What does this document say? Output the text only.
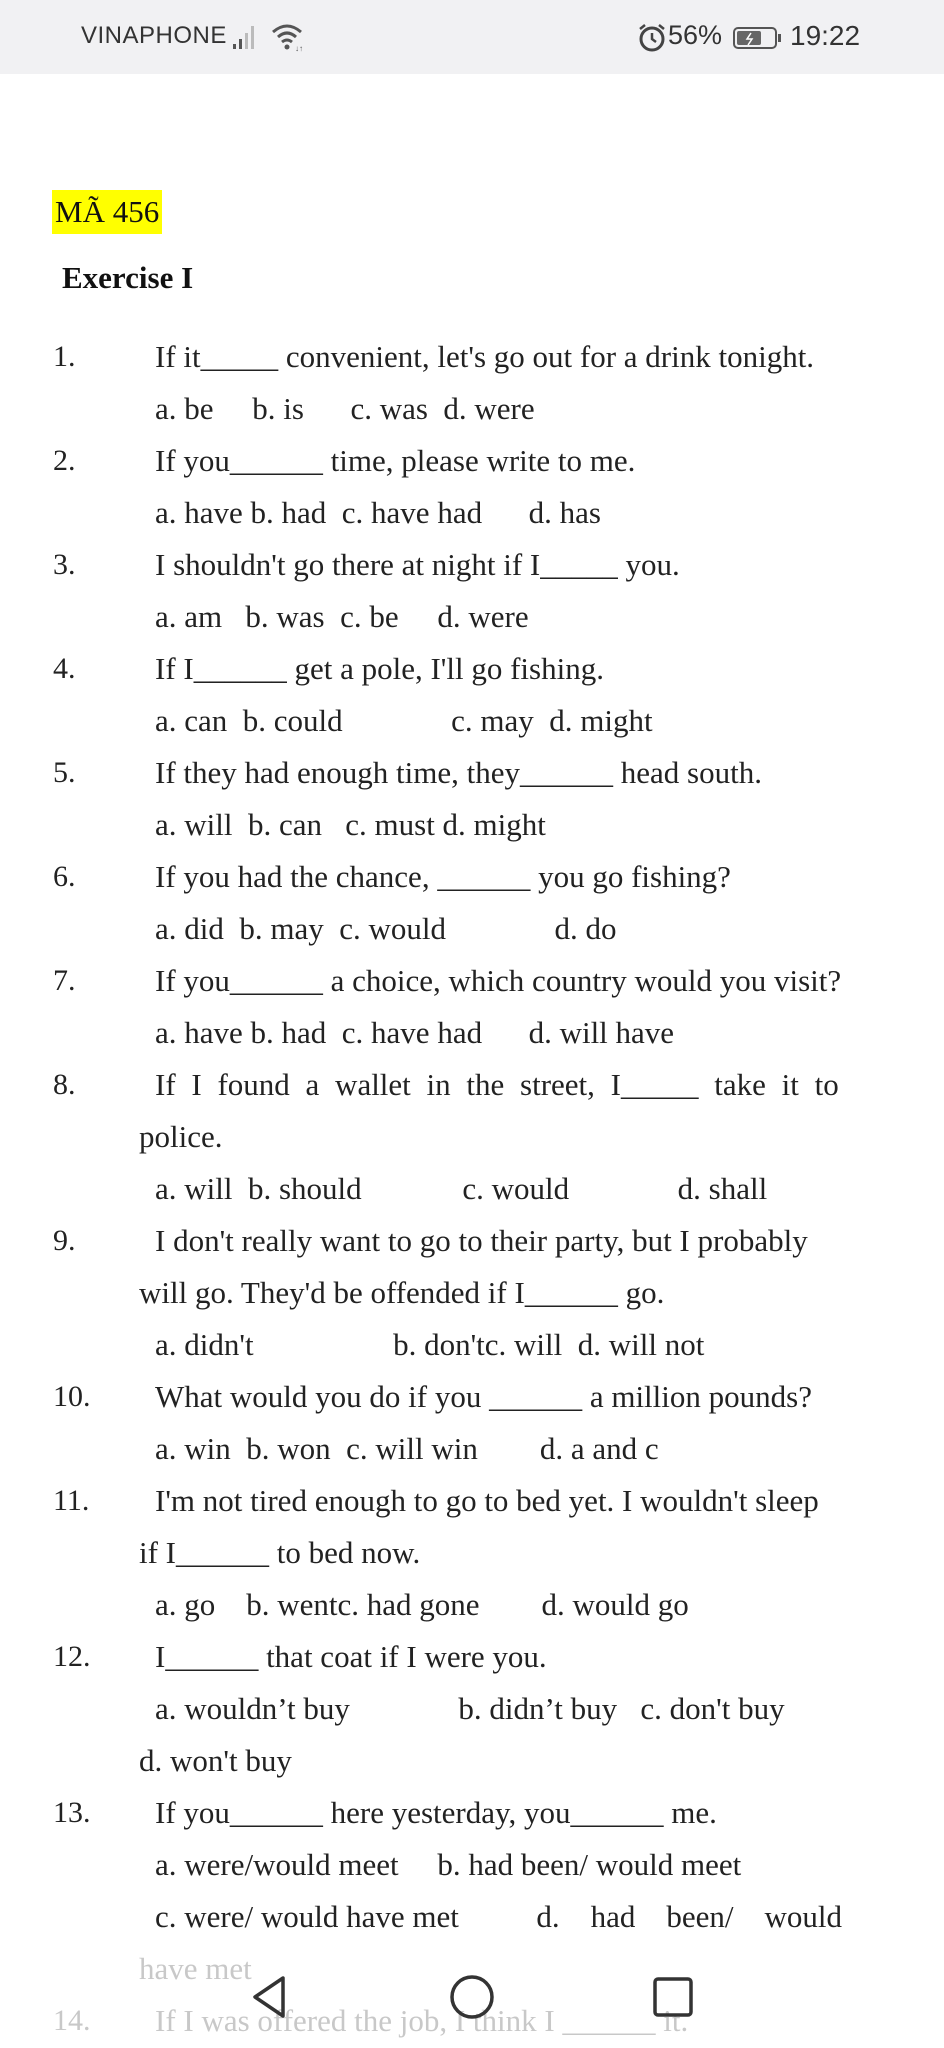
VINAPHONE	↓↑	56% 19:22
MÃ 456
Exercise I
1.	If it_____ convenient, let's go out for a drink tonight.
a. be     b. is      c. was  d. were
2.	If you______ time, please write to me.
a. have b. had  c. have had      d. has
3.	I shouldn't go there at night if I_____ you.
a. am   b. was  c. be     d. were
4.	If I______ get a pole, I'll go fishing.
a. can  b. could              c. may  d. might
5.	If they had enough time, they______ head south.
a. will  b. can   c. must d. might
6.	If you had the chance, ______ you go fishing?
a. did  b. may  c. would              d. do
7.	If you______ a choice, which country would you visit?
a. have b. had  c. have had      d. will have
8.	If I found a wallet in the street, I_____ take it to
police.
a. will  b. should             c. would              d. shall
9.	I don't really want to go to their party, but I probably
will go. They'd be offended if I______ go.
a. didn't                  b. don'tc. will  d. will not
10. What would you do if you ______ a million pounds?
a. win  b. won  c. will win        d. a and c
11. I'm not tired enough to go to bed yet. I wouldn't sleep
if I______ to bed now.
a. go    b. wentc. had gone        d. would go
12. I______ that coat if I were you.
a. wouldn’t buy              b. didn’t buy   c. don't buy
d. won't buy
13. If you______ here yesterday, you______ me.
a. were/would meet     b. had been/ would meet
c. were/ would have met          d.    had    been/    would
have met
14. If I was offered the job, I think I ______ it.
